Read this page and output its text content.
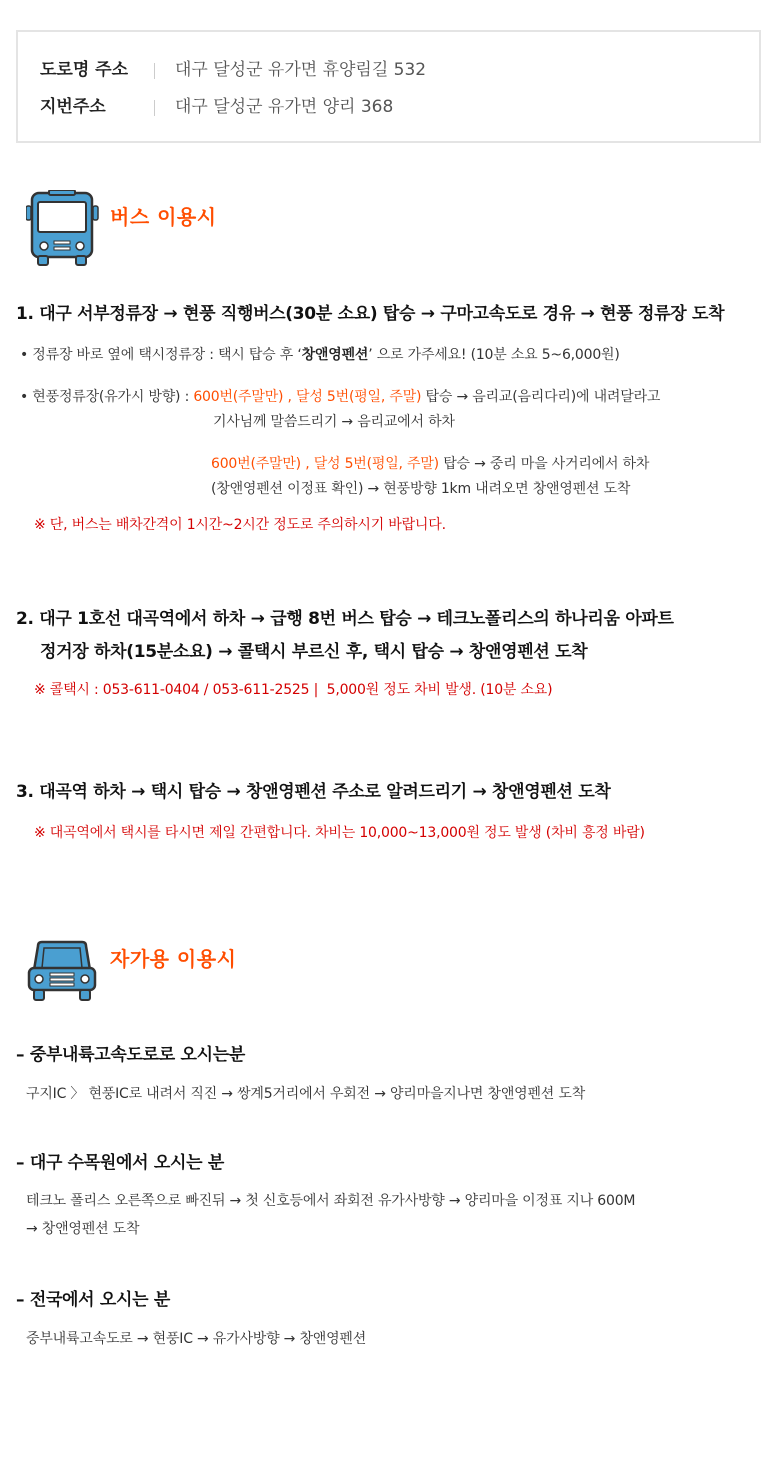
도로명 주소	대구 달성군 유가면 휴양림길 532
지번주소	대구 달성군 유가면 양리 368
버스 이용시
1. 대구 서부정류장 → 현풍 직행버스(30분 소요) 탑승 → 구마고속도로 경유 → 현풍 정류장 도착
• 정류장 바로 옆에 택시정류장 : 택시 탑승 후 ‘창앤영펜션’ 으로 가주세요! (10분 소요 5~6,000원)
• 현풍정류장(유가시 방향) : 600번(주말만) , 달성 5번(평일, 주말) 탑승 → 음리교(음리다리)에 내려달라고
기사님께 말씀드리기 → 음리교에서 하차
600번(주말만) , 달성 5번(평일, 주말) 탑승 → 중리 마을 사거리에서 하차
(창앤영펜션 이정표 확인) → 현풍방향 1km 내려오면 창앤영펜션 도착
※ 단, 버스는 배차간격이 1시간~2시간 정도로 주의하시기 바랍니다.
2. 대구 1호선 대곡역에서 하차 → 급행 8번 버스 탑승 → 테크노폴리스의 하나리움 아파트
정거장 하차(15분소요) → 콜택시 부르신 후, 택시 탑승 → 창앤영펜션 도착
※ 콜택시 : 053-611-0404 / 053-611-2525 | 5,000원 정도 차비 발생. (10분 소요)
3. 대곡역 하차 → 택시 탑승 → 창앤영펜션 주소로 알려드리기 → 창앤영펜션 도착
※ 대곡역에서 택시를 타시면 제일 간편합니다. 차비는 10,000~13,000원 정도 발생 (차비 흥정 바람)
자가용 이용시
– 중부내륙고속도로로 오시는분
구지IC 〉 현풍IC로 내려서 직진 → 쌍계5거리에서 우회전 → 양리마을지나면 창앤영펜션 도착
– 대구 수목원에서 오시는 분
테크노 폴리스 오른쪽으로 빠진뒤 → 첫 신호등에서 좌회전 유가사방향 → 양리마을 이정표 지나 600M
→ 창앤영펜션 도착
– 전국에서 오시는 분
중부내륙고속도로 → 현풍IC → 유가사방향 → 창앤영펜션
